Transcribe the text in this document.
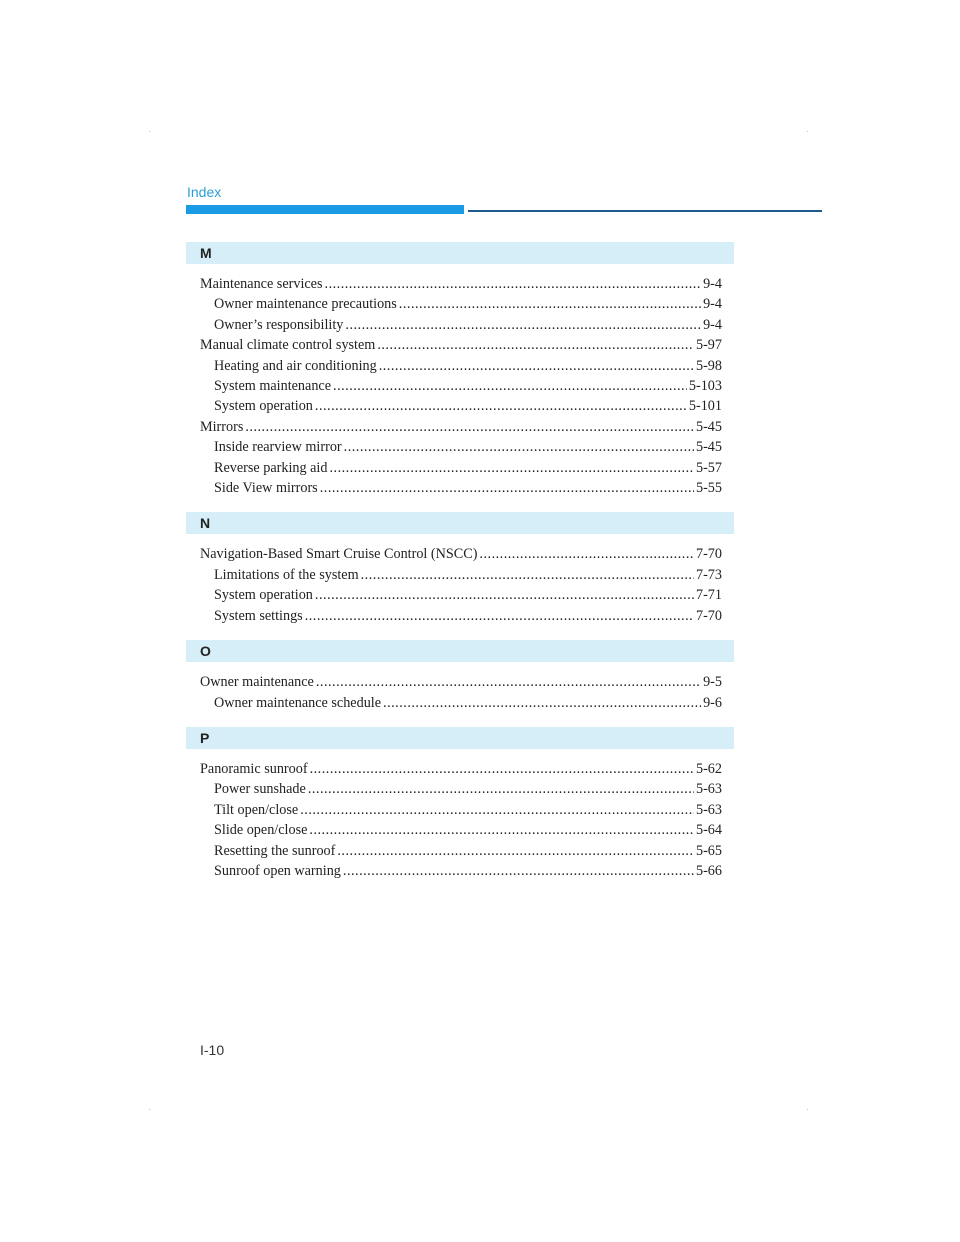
Index
M
Maintenance services .....	9-4
Owner maintenance precautions .....	9-4
Owner’s responsibility .....	9-4
Manual climate control system .....	5-97
Heating and air conditioning .....	5-98
System maintenance .....	5-103
System operation .....	5-101
Mirrors .....	5-45
Inside rearview mirror .....	5-45
Reverse parking aid .....	5-57
Side View mirrors .....	5-55
N
Navigation-Based Smart Cruise Control (NSCC) .....	7-70
Limitations of the system .....	7-73
System operation .....	7-71
System settings .....	7-70
O
Owner maintenance .....	9-5
Owner maintenance schedule .....	9-6
P
Panoramic sunroof .....	5-62
Power sunshade .....	5-63
Tilt open/close .....	5-63
Slide open/close .....	5-64
Resetting the sunroof .....	5-65
Sunroof open warning .....	5-66
I-10
·	·
·	·
